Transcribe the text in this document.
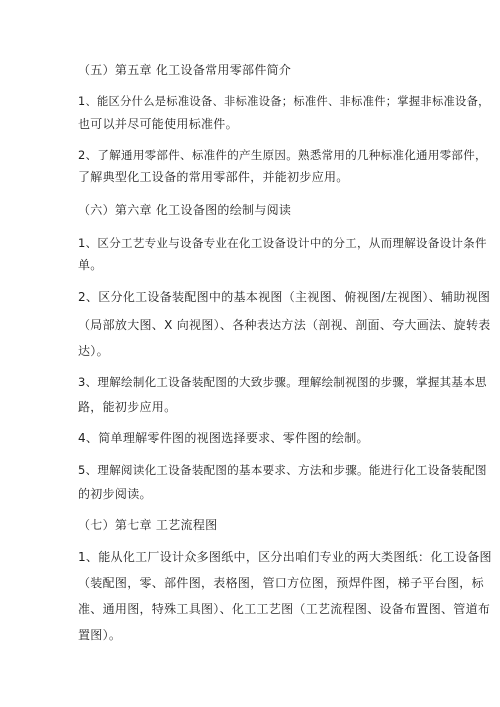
（五）第五章 化工设备常用零部件简介
1、能区分什么是标准设备、非标准设备；标准件、非标准件；掌握非标准设备，
也可以并尽可能使用标准件。
2、了解通用零部件、标准件的产生原因。熟悉常用的几种标准化通用零部件，
了解典型化工设备的常用零部件，并能初步应用。
（六）第六章 化工设备图的绘制与阅读
1、区分工艺专业与设备专业在化工设备设计中的分工，从而理解设备设计条件
单。
2、区分化工设备装配图中的基本视图（主视图、俯视图/左视图）、辅助视图
（局部放大图、X 向视图）、各种表达方法（剖视、剖面、夸大画法、旋转表
达）。
3、理解绘制化工设备装配图的大致步骤。理解绘制视图的步骤，掌握其基本思
路，能初步应用。
4、简单理解零件图的视图选择要求、零件图的绘制。
5、理解阅读化工设备装配图的基本要求、方法和步骤。能进行化工设备装配图
的初步阅读。
（七）第七章 工艺流程图
1、能从化工厂设计众多图纸中，区分出咱们专业的两大类图纸：化工设备图
（装配图，零、部件图，表格图，管口方位图，预焊件图，梯子平台图，标
准、通用图，特殊工具图）、化工工艺图（工艺流程图、设备布置图、管道布
置图）。
